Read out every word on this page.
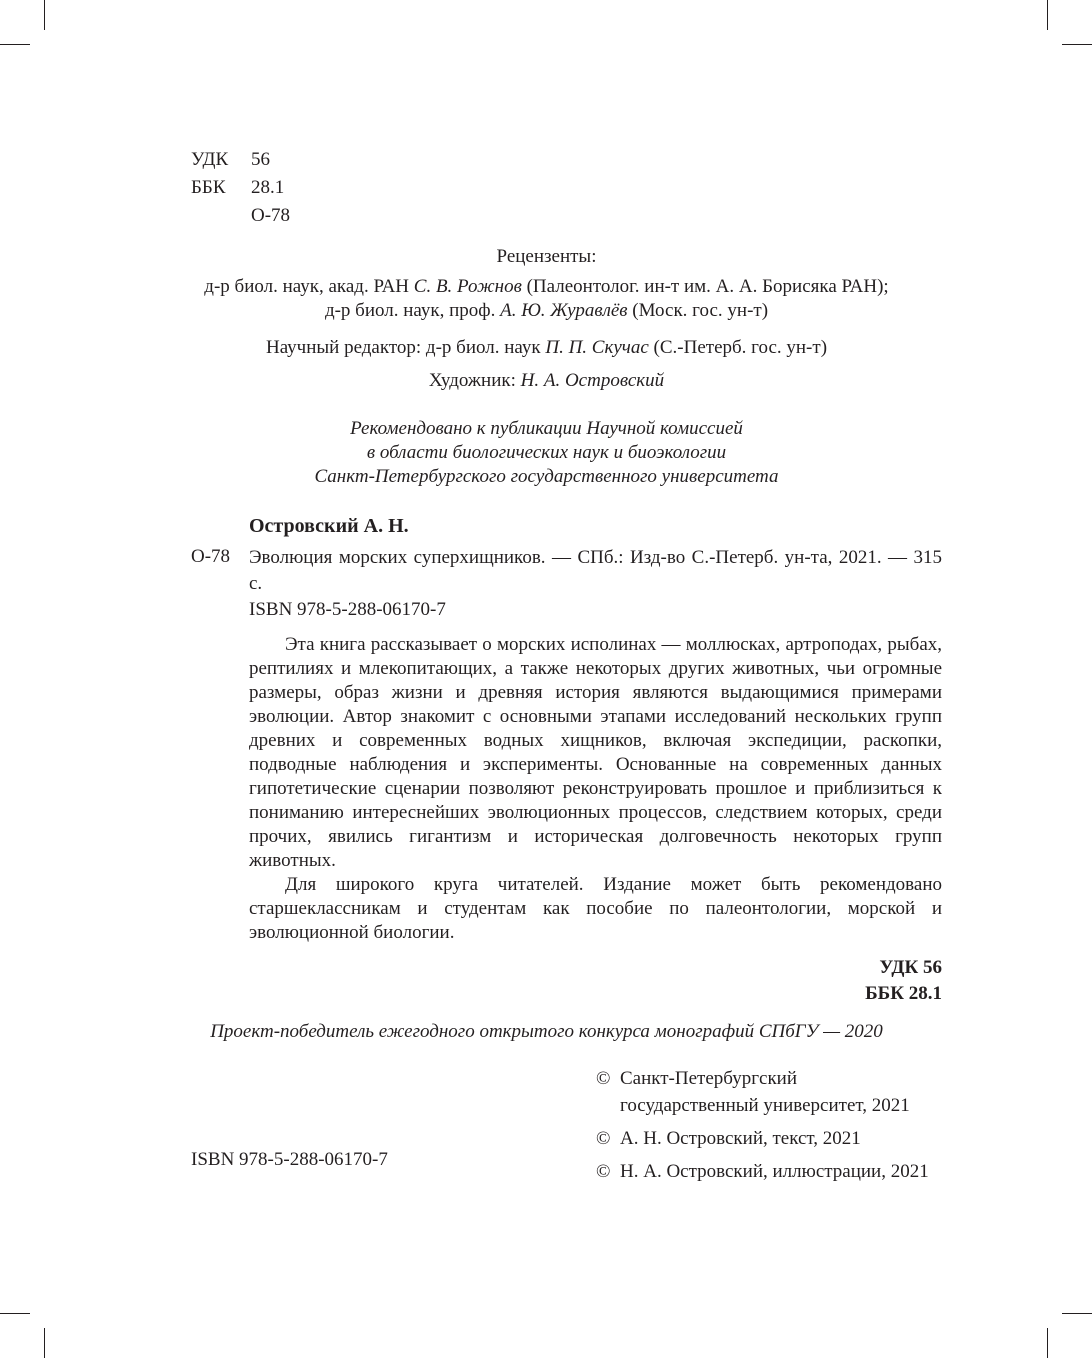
УДК 56
ББК 28.1
О-78
Рецензенты:
д-р биол. наук, акад. РАН С. В. Рожнов (Палеонтолог. ин-т им. А. А. Борисяка РАН);
д-р биол. наук, проф. А. Ю. Журавлёв (Моск. гос. ун-т)
Научный редактор: д-р биол. наук П. П. Скучас (С.-Петерб. гос. ун-т)
Художник: Н. А. Островский
Рекомендовано к публикации Научной комиссией
в области биологических наук и биоэкологии
Санкт-Петербургского государственного университета
Островский А. Н.
О-78 Эволюция морских суперхищников. — СПб.: Изд-во С.-Петерб. ун-та, 2021. — 315 с.

ISBN 978-5-288-06170-7

Эта книга рассказывает о морских исполинах — моллюсках, артроподах, рыбах, рептилиях и млекопитающих, а также некоторых других животных, чьи огромные размеры, образ жизни и древняя история являются выдающимися примерами эволюции. Автор знакомит с основными этапами исследований нескольких групп древних и современных водных хищников, включая экспедиции, раскопки, подводные наблюдения и эксперименты. Основанные на современных данных гипотетические сценарии позволяют реконструировать прошлое и приблизиться к пониманию интереснейших эволюционных процессов, следствием которых, среди прочих, явились гигантизм и историческая долговечность некоторых групп животных.

Для широкого круга читателей. Издание может быть рекомендовано старшеклассникам и студентам как пособие по палеонтологии, морской и эволюционной биологии.

УДК 56
ББК 28.1
Проект-победитель ежегодного открытого конкурса монографий СПбГУ — 2020
© Санкт-Петербургский
государственный университет, 2021
© А. Н. Островский, текст, 2021
© Н. А. Островский, иллюстрации, 2021
ISBN 978-5-288-06170-7
